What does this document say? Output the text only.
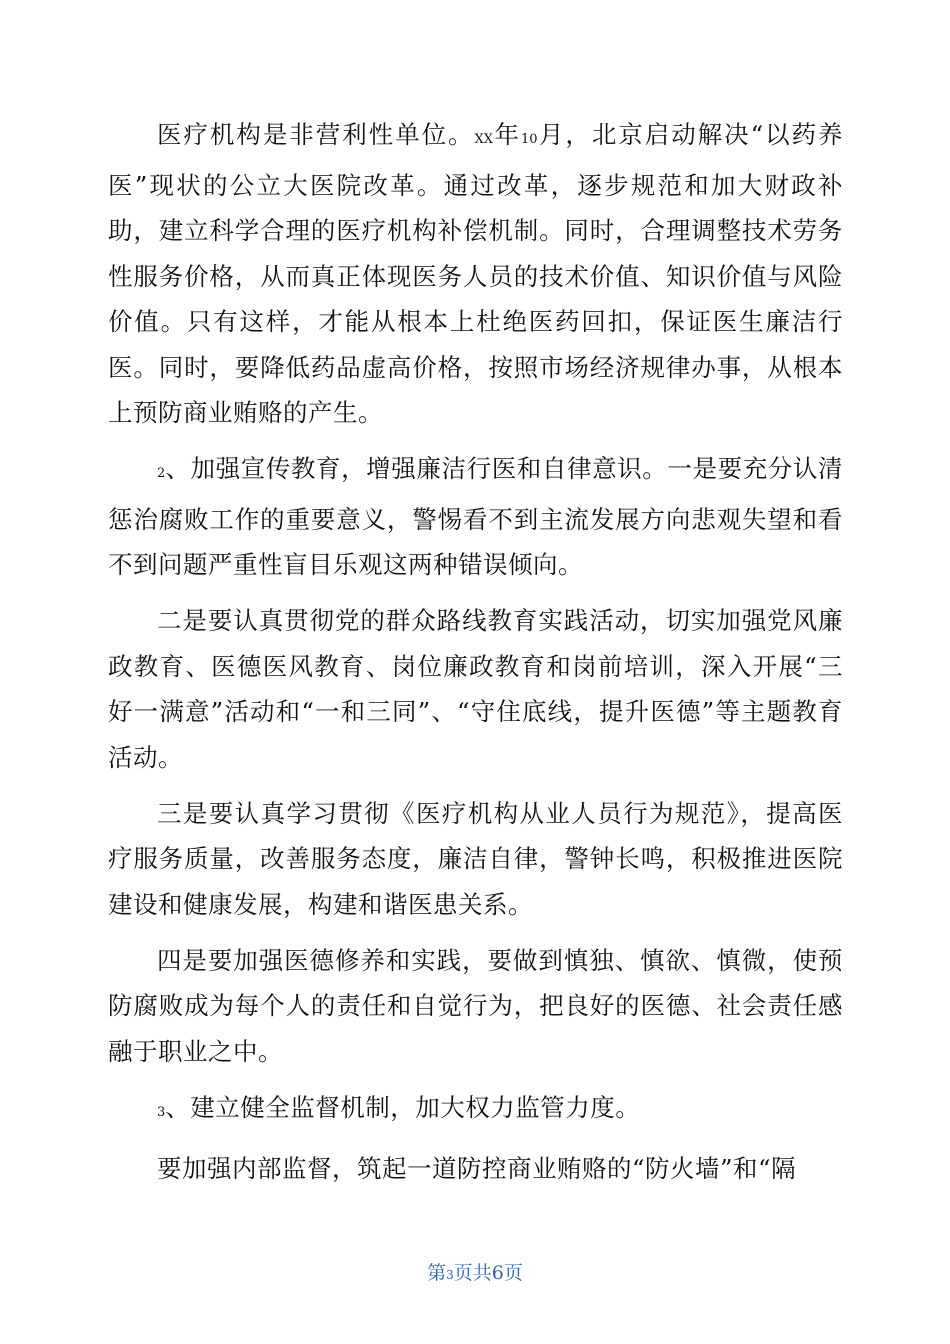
医疗机构是非营利性单位。XX年10月，北京启动解决“以药养医”现状的公立大医院改革。通过改革，逐步规范和加大财政补助，建立科学合理的医疗机构补偿机制。同时，合理调整技术劳务性服务价格，从而真正体现医务人员的技术价值、知识价值与风险价值。只有这样，才能从根本上杜绝医药回扣，保证医生廉洁行医。同时，要降低药品虚高价格，按照市场经济规律办事，从根本上预防商业贿赂的产生。

2、加强宣传教育，增强廉洁行医和自律意识。一是要充分认清惩治腐败工作的重要意义，警惕看不到主流发展方向悲观失望和看不到问题严重性盲目乐观这两种错误倾向。

二是要认真贯彻党的群众路线教育实践活动，切实加强党风廉政教育、医德医风教育、岗位廉政教育和岗前培训，深入开展“三好一满意”活动和“一和三同”、“守住底线，提升医德”等主题教育活动。

三是要认真学习贯彻《医疗机构从业人员行为规范》，提高医疗服务质量，改善服务态度，廉洁自律，警钟长鸣，积极推进医院建设和健康发展，构建和谐医患关系。

四是要加强医德修养和实践，要做到慎独、慎欲、慎微，使预防腐败成为每个人的责任和自觉行为，把良好的医德、社会责任感融于职业之中。

3、建立健全监督机制，加大权力监管力度。

要加强内部监督，筑起一道防控商业贿赂的“防火墙”和“隔

第3页共6页
